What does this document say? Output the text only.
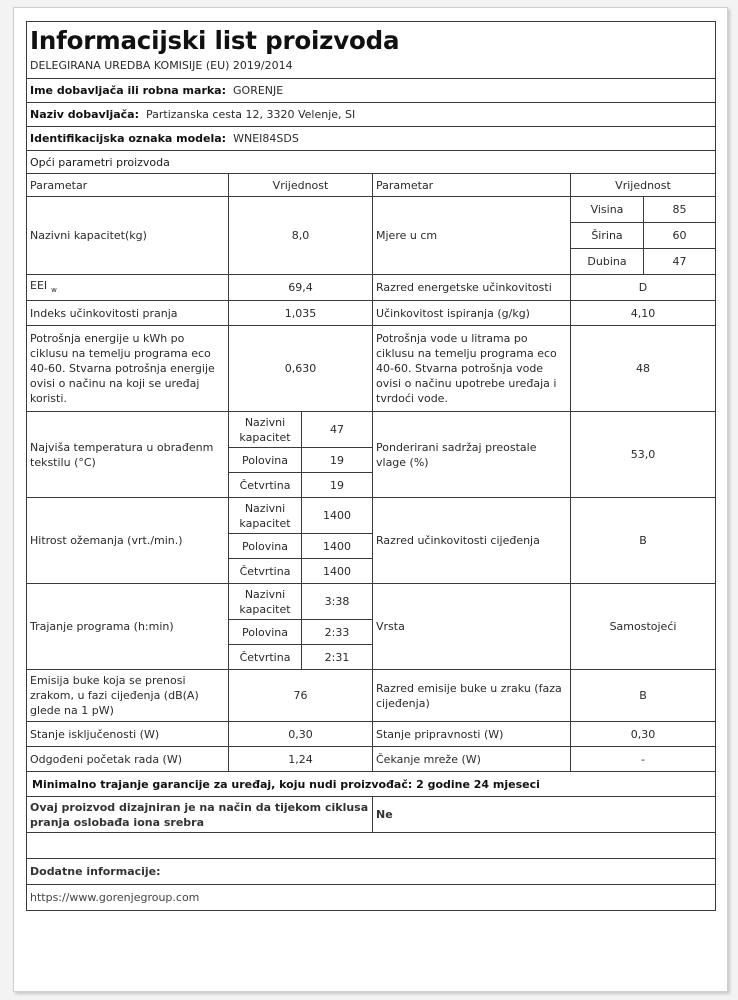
Informacijski list proizvoda					

DELEGIRANA UREDBA KOMISIJE (EU) 2019/2014					
Ime dobavljača ili robna marka: GORENJE					
Naziv dobavljača: Partizanska cesta 12, 3320 Velenje, SI					
Identifikacijska oznaka modela: WNEI84SDS					
Opći parametri proizvoda					
Parametar	Vrijednost		Parametar	Vrijednost	
Nazivni kapacitet(kg)	8,0		Mjere u cm	Visina	85
				Širina	60
				Dubina	47
EEI $_w$	69,4		Razred energetske učinkovitosti	D	
Indeks učinkovitosti pranja	1,035		Učinkovitost ispiranja (g/kg)	4,10	
Potrošnja energije u kWh po ciklusu na temelju programa eco 40-60. Stvarna potrošnja energije ovisi o načinu na koji se uređaj koristi.	0,630		Potrošnja vode u litrama po ciklusu na temelju programa eco 40-60. Stvarna potrošnja vode ovisi o načinu upotrebe uređaja i tvrdoći vode.	48	
Najviša temperatura u obrađenm tekstilu (°C)	Nazivni kapacitet	47	Ponderirani sadržaj preostale vlage (%)	53,0	
	Polovina	19			
	Četvrtina	19			
Hitrost ožemanja (vrt./min.)	Nazivni kapacitet	1400	Razred učinkovitosti cijeđenja	B	
	Polovina	1400			
	Četvrtina	1400			
Trajanje programa (h:min)	Nazivni kapacitet	3:38	Vrsta	Samostojeći	
	Polovina	2:33			
	Četvrtina	2:31			
Emisija buke koja se prenosi zrakom, u fazi cijeđenja (dB(A) glede na 1 pW)	76		Razred emisije buke u zraku (faza cijeđenja)	B	
Stanje isključenosti (W)	0,30		Stanje pripravnosti (W)	0,30	
Odgođeni početak rada (W)	1,24		Čekanje mreže (W)	-	
Minimalno trajanje garancije za uređaj, koju nudi proizvođač: 2 godine 24 mjeseci					
Ovaj proizvod dizajniran je na način da tijekom ciklusa pranja oslobađa iona srebra			Ne		

Dodatne informacije:					
https://www.gorenjegroup.com					
